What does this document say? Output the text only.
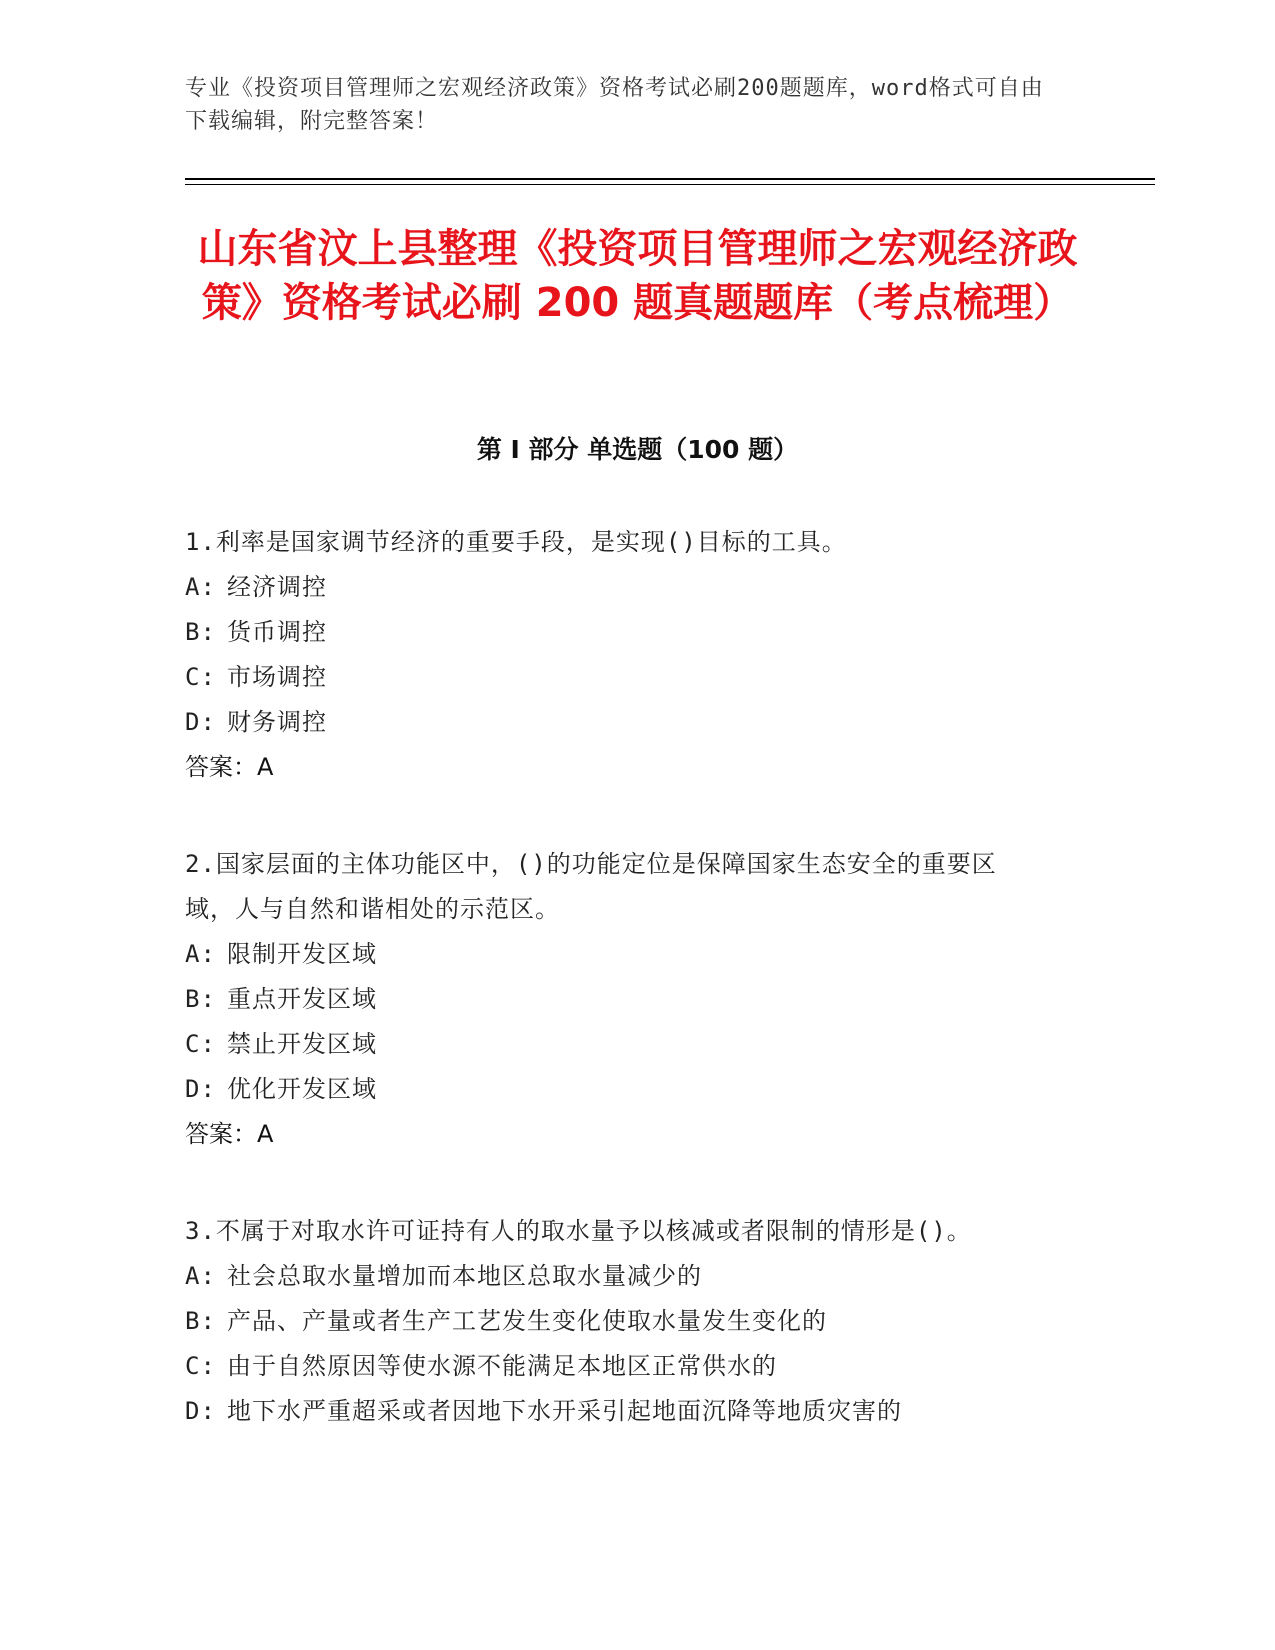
专业《投资项目管理师之宏观经济政策》资格考试必刷200题题库，word格式可自由下载编辑，附完整答案！
山东省汶上县整理《投资项目管理师之宏观经济政策》资格考试必刷 200 题真题题库（考点梳理）
第 I 部分 单选题（100 题）
1.利率是国家调节经济的重要手段，是实现()目标的工具。
A: 经济调控
B: 货币调控
C: 市场调控
D: 财务调控
答案：A
2.国家层面的主体功能区中，()的功能定位是保障国家生态安全的重要区域，人与自然和谐相处的示范区。
A: 限制开发区域
B: 重点开发区域
C: 禁止开发区域
D: 优化开发区域
答案：A
3.不属于对取水许可证持有人的取水量予以核减或者限制的情形是()。
A: 社会总取水量增加而本地区总取水量减少的
B: 产品、产量或者生产工艺发生变化使取水量发生变化的
C: 由于自然原因等使水源不能满足本地区正常供水的
D: 地下水严重超采或者因地下水开采引起地面沉降等地质灾害的
